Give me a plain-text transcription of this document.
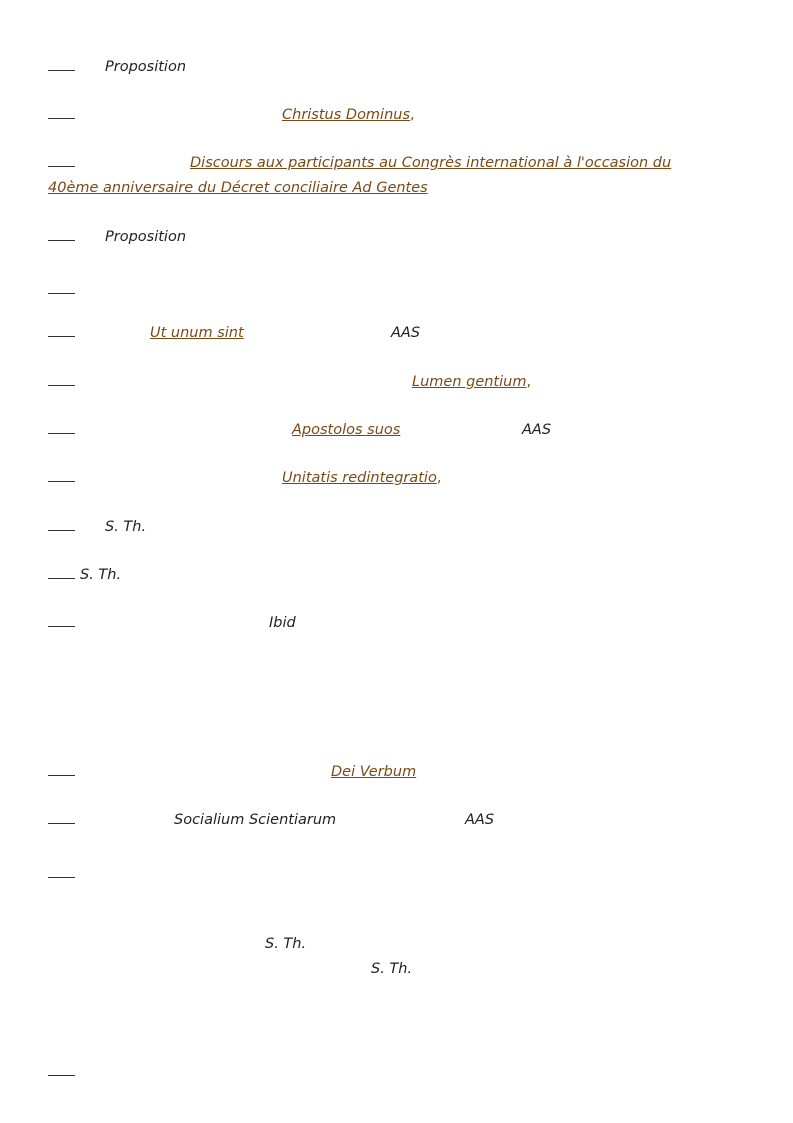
Proposition
Christus Dominus,
Discours aux participants au Congrès international à l'occasion du 40ème anniversaire du Décret conciliaire Ad Gentes
Proposition
Ut unum sint	AAS
Lumen gentium,
Apostolos suos	AAS
Unitatis redintegratio,
S. Th.
S. Th.
Ibid
Dei Verbum
Socialium Scientiarum	AAS
S. Th.
S. Th.
